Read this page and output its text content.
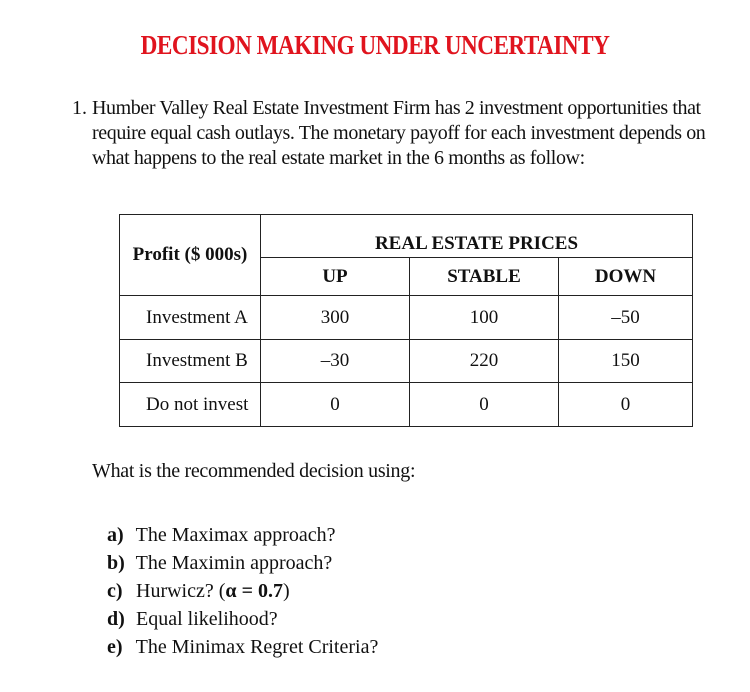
DECISION MAKING UNDER UNCERTAINTY
1. Humber Valley Real Estate Investment Firm has 2 investment opportunities that require equal cash outlays. The monetary payoff for each investment depends on what happens to the real estate market in the 6 months as follow:
Profit ($ 000s)	REAL ESTATE PRICES		
	UP	STABLE	DOWN
Investment A	300	100	–50
Investment B	–30	220	150
Do not invest	0	0	0
What is the recommended decision using:
a) The Maximax approach?
b) The Maximin approach?
c) Hurwicz? (α = 0.7)
d) Equal likelihood?
e) The Minimax Regret Criteria?
